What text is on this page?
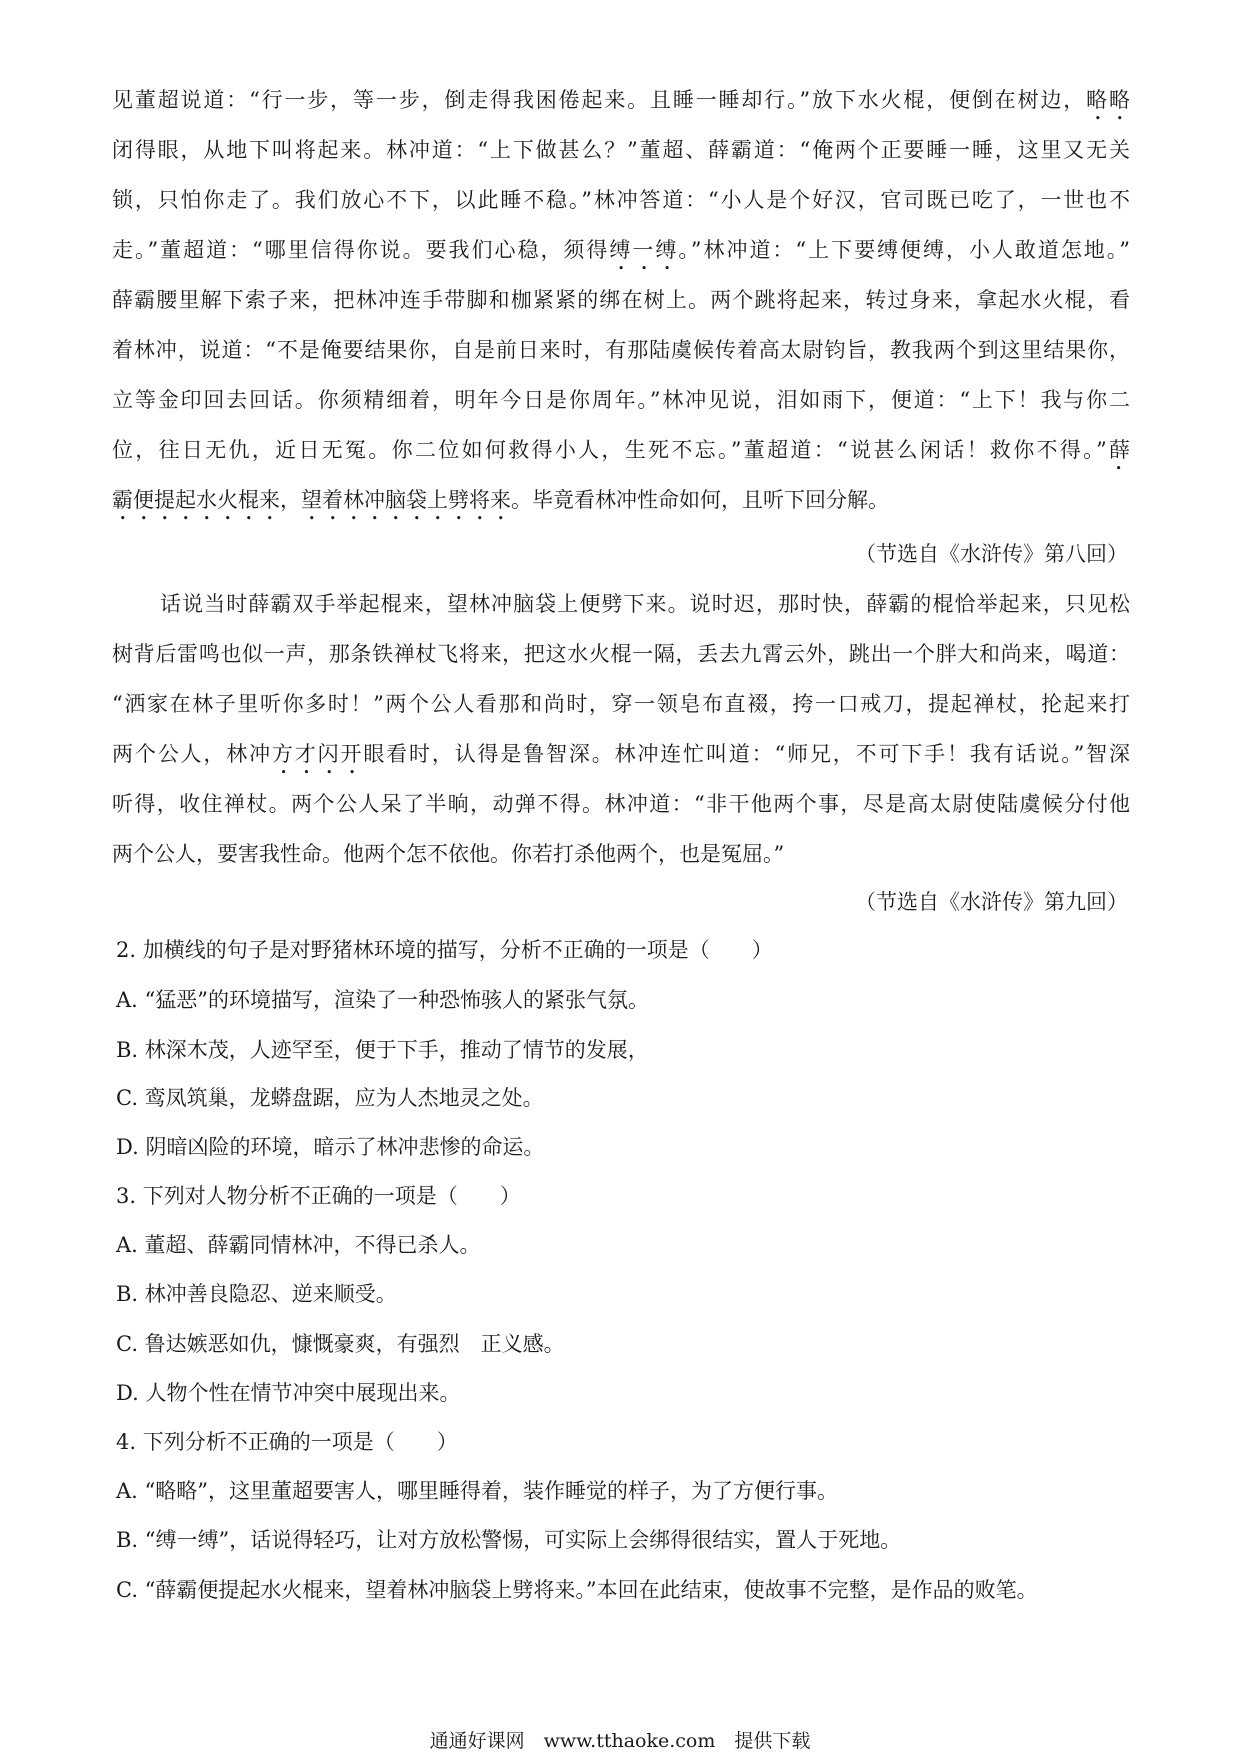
见董超说道：“行一步，等一步，倒走得我困倦起来。且睡一睡却行。”放下水火棍，便倒在树边，略略
闭得眼，从地下叫将起来。林冲道：“上下做甚么？”董超、薛霸道：“俺两个正要睡一睡，这里又无关
锁，只怕你走了。我们放心不下，以此睡不稳。”林冲答道：“小人是个好汉，官司既已吃了，一世也不
走。”董超道：“哪里信得你说。要我们心稳，须得缚一缚。”林冲道：“上下要缚便缚，小人敢道怎地。”
薛霸腰里解下索子来，把林冲连手带脚和枷紧紧的绑在树上。两个跳将起来，转过身来，拿起水火棍，看
着林冲，说道：“不是俺要结果你，自是前日来时，有那陆虞候传着高太尉钧旨，教我两个到这里结果你，
立等金印回去回话。你须精细着，明年今日是你周年。”林冲见说，泪如雨下，便道：“上下！我与你二
位，往日无仇，近日无冤。你二位如何救得小人，生死不忘。”董超道：“说甚么闲话！救你不得。”薛
霸便提起水火棍来，望着林冲脑袋上劈将来。毕竟看林冲性命如何，且听下回分解。
（节选自《水浒传》第八回）
话说当时薛霸双手举起棍来，望林冲脑袋上便劈下来。说时迟，那时快，薛霸的棍恰举起来，只见松
树背后雷鸣也似一声，那条铁禅杖飞将来，把这水火棍一隔，丢去九霄云外，跳出一个胖大和尚来，喝道：
“洒家在林子里听你多时！”两个公人看那和尚时，穿一领皂布直裰，挎一口戒刀，提起禅杖，抡起来打
两个公人，林冲方才闪开眼看时，认得是鲁智深。林冲连忙叫道：“师兄，不可下手！我有话说。”智深
听得，收住禅杖。两个公人呆了半晌，动弹不得。林冲道：“非干他两个事，尽是高太尉使陆虞候分付他
两个公人，要害我性命。他两个怎不依他。你若打杀他两个，也是冤屈。”
（节选自《水浒传》第九回）
2. 加横线的句子是对野猪林环境的描写，分析不正确的一项是（　　）
A. “猛恶”的环境描写，渲染了一种恐怖骇人的紧张气氛。
B. 林深木茂，人迹罕至，便于下手，推动了情节的发展，
C. 鸾凤筑巢，龙蟒盘踞，应为人杰地灵之处。
D. 阴暗凶险的环境，暗示了林冲悲惨的命运。
3. 下列对人物分析不正确的一项是（　　）
A. 董超、薛霸同情林冲，不得已杀人。
B. 林冲善良隐忍、逆来顺受。
C. 鲁达嫉恶如仇，慷慨豪爽，有强烈　正义感。
D. 人物个性在情节冲突中展现出来。
4. 下列分析不正确的一项是（　　）
A. “略略”，这里董超要害人，哪里睡得着，装作睡觉的样子，为了方便行事。
B. “缚一缚”，话说得轻巧，让对方放松警惕，可实际上会绑得很结实，置人于死地。
C. “薛霸便提起水火棍来，望着林冲脑袋上劈将来。”本回在此结束，使故事不完整，是作品的败笔。
通通好课网　www.tthaoke.com　提供下载
